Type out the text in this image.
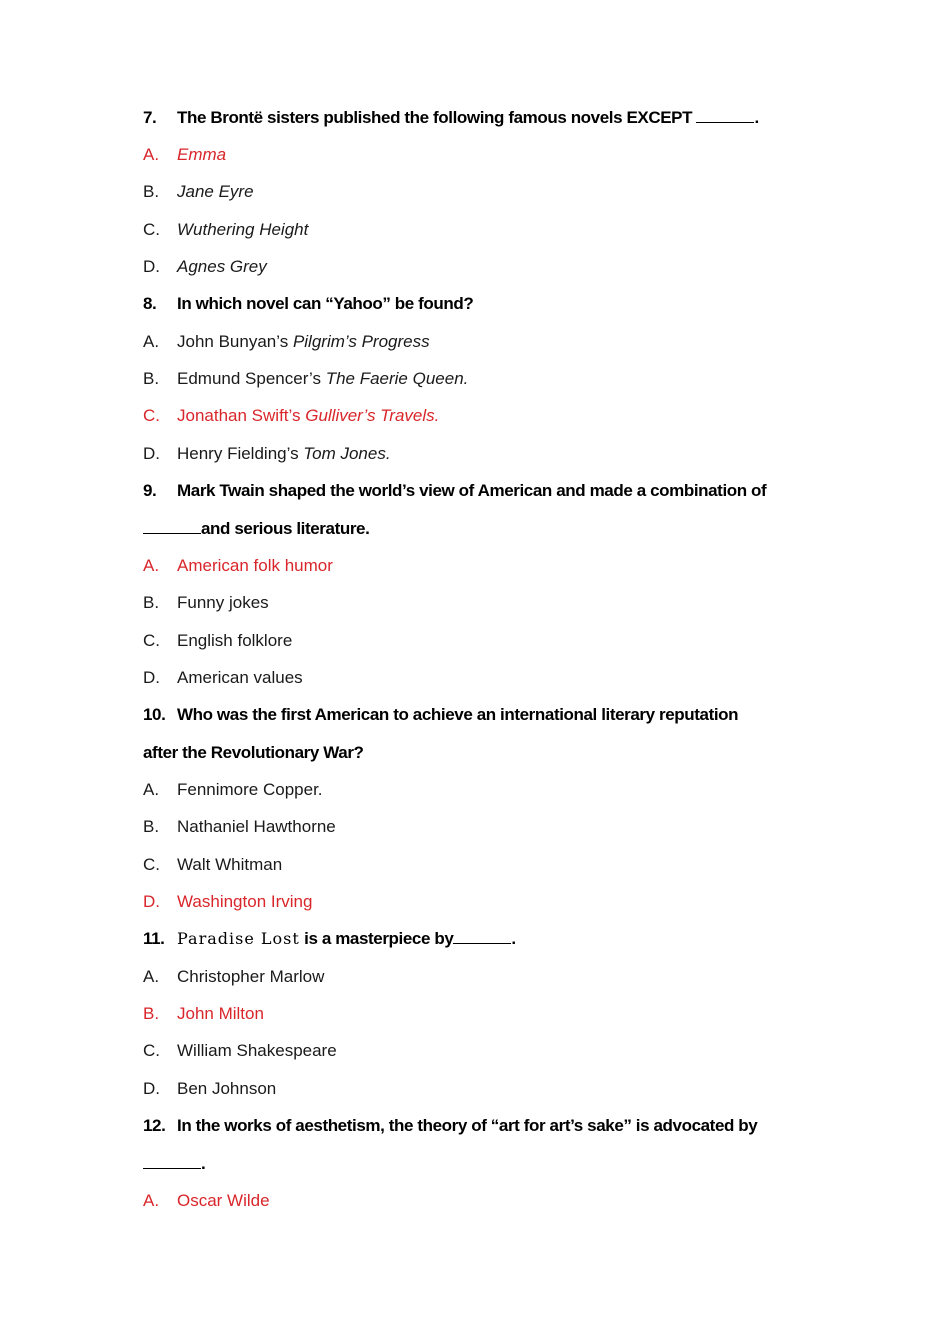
7. The Brontë sisters published the following famous novels EXCEPT	.
A. Emma
B. Jane Eyre
C. Wuthering Height
D. Agnes Grey
8. In which novel can “Yahoo” be found?
A. John Bunyan’s Pilgrim’s Progress
B. Edmund Spencer’s The Faerie Queen.
C. Jonathan Swift’s Gulliver’s Travels.
D. Henry Fielding’s Tom Jones.
9. Mark Twain shaped the world’s view of American and made a combination of
and serious literature.
A. American folk humor
B. Funny jokes
C. English folklore
D. American values
10. Who was the first American to achieve an international literary reputation
after the Revolutionary War?
A. Fennimore Copper.
B. Nathaniel Hawthorne
C. Walt Whitman
D. Washington Irving
11. Paradise Lost is a masterpiece by	.
A. Christopher Marlow
B. John Milton
C. William Shakespeare
D. Ben Johnson
12. In the works of aesthetism, the theory of “art for art’s sake” is advocated by
.
A. Oscar Wilde
